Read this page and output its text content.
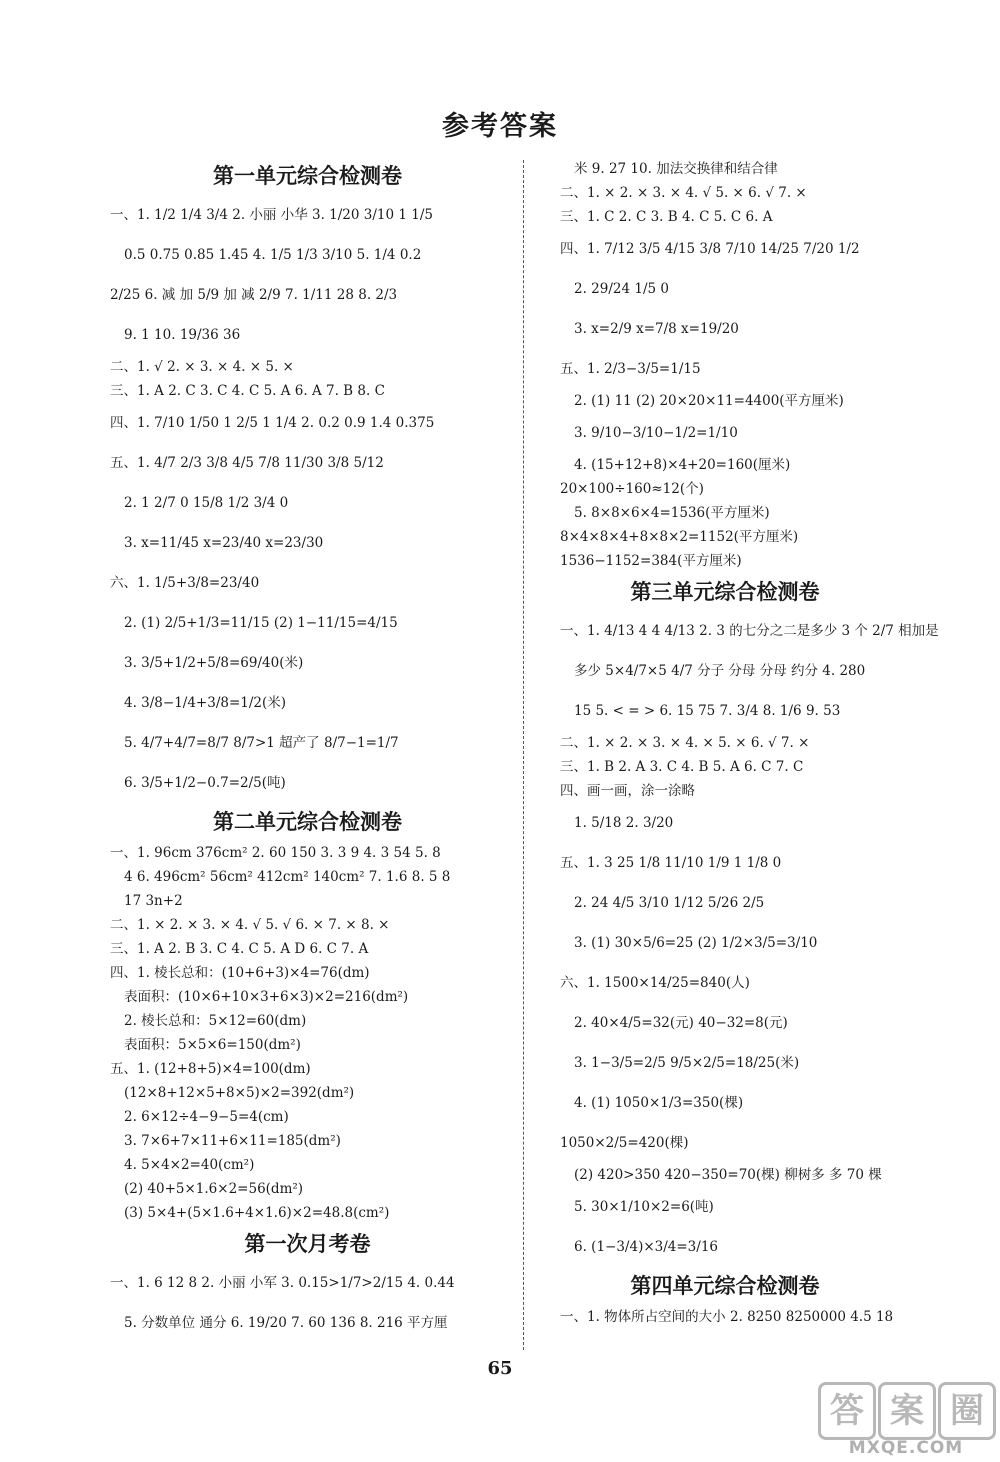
参考答案
第一单元综合检测卷
一、1. 1/2 1/4 3/4 2. 小丽 小华 3. 1/20 3/10 1 1/5
0.5 0.75 0.85 1.45 4. 1/5 1/3 3/10 5. 1/4 0.2
2/25 6. 减 加 5/9 加 减 2/9 7. 1/11 28 8. 2/3
9. 1 10. 19/36 36
二、1. √ 2. × 3. × 4. × 5. ×
三、1. A 2. C 3. C 4. C 5. A 6. A 7. B 8. C
四、1. 7/10 1/50 1 2/5 1 1/4 2. 0.2 0.9 1.4 0.375
五、1. 4/7 2/3 3/8 4/5 7/8 11/30 3/8 5/12
2. 1 2/7 0 15/8 1/2 3/4 0
3. x=11/45 x=23/40 x=23/30
六、1. 1/5+3/8=23/40
2. (1) 2/5+1/3=11/15 (2) 1−11/15=4/15
3. 3/5+1/2+5/8=69/40(米)
4. 3/8−1/4+3/8=1/2(米)
5. 4/7+4/7=8/7 8/7>1 超产了 8/7−1=1/7
6. 3/5+1/2−0.7=2/5(吨)
第二单元综合检测卷
一、1. 96cm 376cm² 2. 60 150 3. 3 9 4. 3 54 5. 8
4 6. 496cm² 56cm² 412cm² 140cm² 7. 1.6 8. 5 8
17 3n+2
二、1. × 2. × 3. × 4. √ 5. √ 6. × 7. × 8. ×
三、1. A 2. B 3. C 4. C 5. A D 6. C 7. A
四、1. 棱长总和：(10+6+3)×4=76(dm)
表面积：(10×6+10×3+6×3)×2=216(dm²)
2. 棱长总和：5×12=60(dm)
表面积：5×5×6=150(dm²)
五、1. (12+8+5)×4=100(dm)
(12×8+12×5+8×5)×2=392(dm²)
2. 6×12÷4−9−5=4(cm)
3. 7×6+7×11+6×11=185(dm²)
4. 5×4×2=40(cm²)
(2) 40+5×1.6×2=56(dm²)
(3) 5×4+(5×1.6+4×1.6)×2=48.8(cm²)
第一次月考卷
一、1. 6 12 8 2. 小丽 小军 3. 0.15>1/7>2/15 4. 0.44
5. 分数单位 通分 6. 19/20 7. 60 136 8. 216 平方厘
米 9. 27 10. 加法交换律和结合律
二、1. × 2. × 3. × 4. √ 5. × 6. √ 7. ×
三、1. C 2. C 3. B 4. C 5. C 6. A
四、1. 7/12 3/5 4/15 3/8 7/10 14/25 7/20 1/2
2. 29/24 1/5 0
3. x=2/9 x=7/8 x=19/20
五、1. 2/3−3/5=1/15
2. (1) 11 (2) 20×20×11=4400(平方厘米)
3. 9/10−3/10−1/2=1/10
4. (15+12+8)×4+20=160(厘米)
20×100÷160≈12(个)
5. 8×8×6×4=1536(平方厘米)
8×4×8×4+8×8×2=1152(平方厘米)
1536−1152=384(平方厘米)
第三单元综合检测卷
一、1. 4/13 4 4 4/13 2. 3 的七分之二是多少 3 个 2/7 相加是
多少 5×4/7×5 4/7 分子 分母 分母 约分 4. 280
15 5. < = > 6. 15 75 7. 3/4 8. 1/6 9. 53
二、1. × 2. × 3. × 4. × 5. × 6. √ 7. ×
三、1. B 2. A 3. C 4. B 5. A 6. C 7. C
四、画一画，涂一涂略
1. 5/18 2. 3/20
五、1. 3 25 1/8 11/10 1/9 1 1/8 0
2. 24 4/5 3/10 1/12 5/26 2/5
3. (1) 30×5/6=25 (2) 1/2×3/5=3/10
六、1. 1500×14/25=840(人)
2. 40×4/5=32(元) 40−32=8(元)
3. 1−3/5=2/5 9/5×2/5=18/25(米)
4. (1) 1050×1/3=350(棵)
1050×2/5=420(棵)
(2) 420>350 420−350=70(棵) 柳树多 多 70 棵
5. 30×1/10×2=6(吨)
6. (1−3/4)×3/4=3/16
第四单元综合检测卷
一、1. 物体所占空间的大小 2. 8250 8250000 4.5 18
65
答 案 圈
MXQE.COM
